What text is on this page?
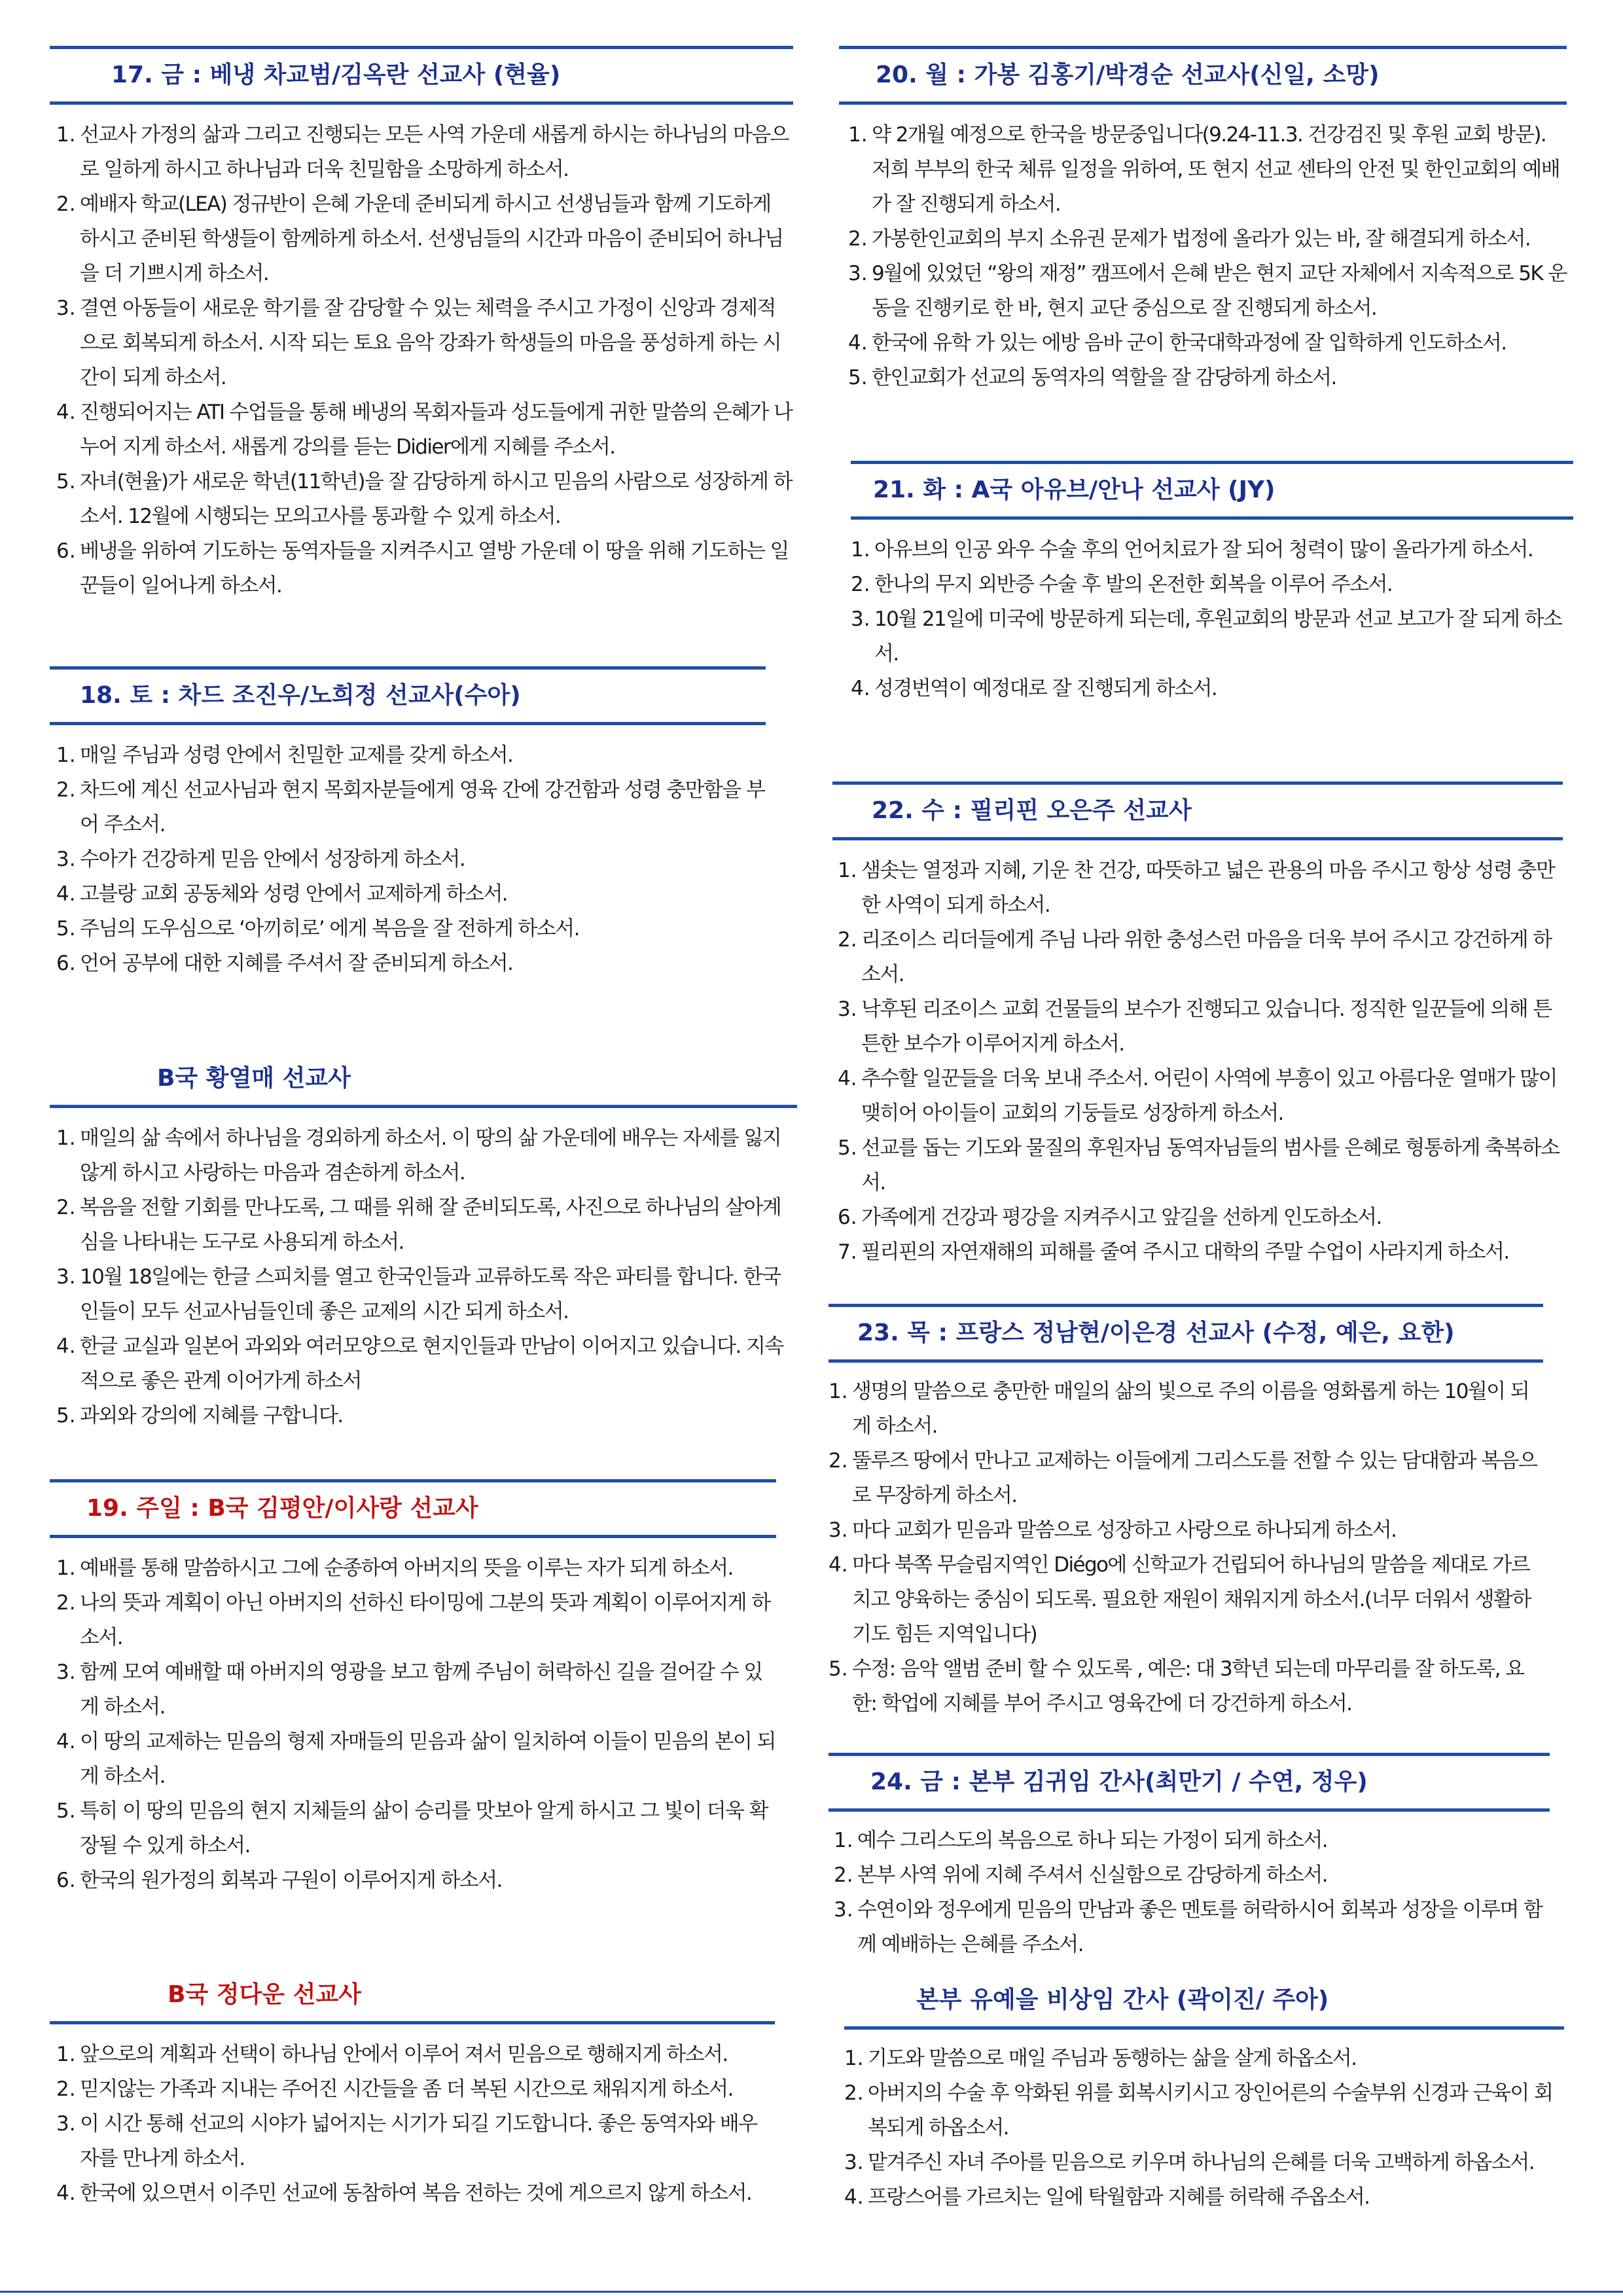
17. 금 : 베냉 차교범/김옥란 선교사 (현율)
1. 선교사 가정의 삶과 그리고 진행되는 모든 사역 가운데 새롭게 하시는 하나님의 마음으로 일하게 하시고 하나님과 더욱 친밀함을 소망하게 하소서.
2. 예배자 학교(LEA) 정규반이 은혜 가운데 준비되게 하시고 선생님들과 함께 기도하게 하시고 준비된 학생들이 함께하게 하소서. 선생님들의 시간과 마음이 준비되어 하나님을 더 기쁘시게 하소서.
3. 결연 아동들이 새로운 학기를 잘 감당할 수 있는 체력을 주시고 가정이 신앙과 경제적으로 회복되게 하소서. 시작 되는 토요 음악 강좌가 학생들의 마음을 풍성하게 하는 시간이 되게 하소서.
4. 진행되어지는 ATI 수업들을 통해 베냉의 목회자들과 성도들에게 귀한 말씀의 은혜가 나누어 지게 하소서. 새롭게 강의를 듣는 Didier에게 지혜를 주소서.
5. 자녀(현율)가 새로운 학년(11학년)을 잘 감당하게 하시고 믿음의 사람으로 성장하게 하소서. 12월에 시행되는 모의고사를 통과할 수 있게 하소서.
6. 베냉을 위하여 기도하는 동역자들을 지켜주시고 열방 가운데 이 땅을 위해 기도하는 일꾼들이 일어나게 하소서.
18. 토 : 차드 조진우/노희정 선교사(수아)
1. 매일 주님과 성령 안에서 친밀한 교제를 갖게 하소서.
2. 차드에 계신 선교사님과 현지 목회자분들에게 영육 간에 강건함과 성령 충만함을 부어 주소서.
3. 수아가 건강하게 믿음 안에서 성장하게 하소서.
4. 고블랑 교회 공동체와 성령 안에서 교제하게 하소서.
5. 주님의 도우심으로 ‘아끼히로’ 에게 복음을 잘 전하게 하소서.
6. 언어 공부에 대한 지혜를 주셔서 잘 준비되게 하소서.
B국 황열매 선교사
1. 매일의 삶 속에서 하나님을 경외하게 하소서. 이 땅의 삶 가운데에 배우는 자세를 잃지 않게 하시고 사랑하는 마음과 겸손하게 하소서.
2. 복음을 전할 기회를 만나도록, 그 때를 위해 잘 준비되도록, 사진으로 하나님의 살아계심을 나타내는 도구로 사용되게 하소서.
3. 10월 18일에는 한글 스피치를 열고 한국인들과 교류하도록 작은 파티를 합니다. 한국인들이 모두 선교사님들인데 좋은 교제의 시간 되게 하소서.
4. 한글 교실과 일본어 과외와 여러모양으로 현지인들과 만남이 이어지고 있습니다. 지속적으로 좋은 관계 이어가게 하소서
5. 과외와 강의에 지혜를 구합니다.
19. 주일 : B국 김평안/이사랑 선교사
1. 예배를 통해 말씀하시고 그에 순종하여 아버지의 뜻을 이루는 자가 되게 하소서.
2. 나의 뜻과 계획이 아닌 아버지의 선하신 타이밍에 그분의 뜻과 계획이 이루어지게 하소서.
3. 함께 모여 예배할 때 아버지의 영광을 보고 함께 주님이 허락하신 길을 걸어갈 수 있게 하소서.
4. 이 땅의 교제하는 믿음의 형제 자매들의 믿음과 삶이 일치하여 이들이 믿음의 본이 되게 하소서.
5. 특히 이 땅의 믿음의 현지 지체들의 삶이 승리를 맛보아 알게 하시고 그 빛이 더욱 확장될 수 있게 하소서.
6. 한국의 원가정의 회복과 구원이 이루어지게 하소서.
B국 정다운 선교사
1. 앞으로의 계획과 선택이 하나님 안에서 이루어 져서 믿음으로 행해지게 하소서.
2. 믿지않는 가족과 지내는 주어진 시간들을 좀 더 복된 시간으로 채워지게 하소서.
3. 이 시간 통해 선교의 시야가 넓어지는 시기가 되길 기도합니다. 좋은 동역자와 배우자를 만나게 하소서.
4. 한국에 있으면서 이주민 선교에 동참하여 복음 전하는 것에 게으르지 않게 하소서.
20. 월 : 가봉 김홍기/박경순 선교사(신일, 소망)
1. 약 2개월 예정으로 한국을 방문중입니다(9.24-11.3. 건강검진 및 후원 교회 방문). 저희 부부의 한국 체류 일정을 위하여, 또 현지 선교 센타의 안전 및 한인교회의 예배가 잘 진행되게 하소서.
2. 가봉한인교회의 부지 소유권 문제가 법정에 올라가 있는 바, 잘 해결되게 하소서.
3. 9월에 있었던 “왕의 재정” 캠프에서 은혜 받은 현지 교단 자체에서 지속적으로 5K 운동을 진행키로 한 바, 현지 교단 중심으로 잘 진행되게 하소서.
4. 한국에 유학 가 있는 에방 음바 군이 한국대학과정에 잘 입학하게 인도하소서.
5. 한인교회가 선교의 동역자의 역할을 잘 감당하게 하소서.
21. 화 : A국 아유브/안나 선교사 (JY)
1. 아유브의 인공 와우 수술 후의 언어치료가 잘 되어 청력이 많이 올라가게 하소서.
2. 한나의 무지 외반증 수술 후 발의 온전한 회복을 이루어 주소서.
3. 10월 21일에 미국에 방문하게 되는데, 후원교회의 방문과 선교 보고가 잘 되게 하소서.
4. 성경번역이 예정대로 잘 진행되게 하소서.
22. 수 : 필리핀 오은주 선교사
1. 샘솟는 열정과 지혜, 기운 찬 건강, 따뜻하고 넓은 관용의 마음 주시고 항상 성령 충만한 사역이 되게 하소서.
2. 리조이스 리더들에게 주님 나라 위한 충성스런 마음을 더욱 부어 주시고 강건하게 하소서.
3. 낙후된 리조이스 교회 건물들의 보수가 진행되고 있습니다. 정직한 일꾼들에 의해 튼튼한 보수가 이루어지게 하소서.
4. 추수할 일꾼들을 더욱 보내 주소서. 어린이 사역에 부흥이 있고 아름다운 열매가 많이 맺히어 아이들이 교회의 기둥들로 성장하게 하소서.
5. 선교를 돕는 기도와 물질의 후원자님 동역자님들의 범사를 은혜로 형통하게 축복하소서.
6. 가족에게 건강과 평강을 지켜주시고 앞길을 선하게 인도하소서.
7. 필리핀의 자연재해의 피해를 줄여 주시고 대학의 주말 수업이 사라지게 하소서.
23. 목 : 프랑스 정남현/이은경 선교사 (수정, 예은, 요한)
1. 생명의 말씀으로 충만한 매일의 삶의 빛으로 주의 이름을 영화롭게 하는 10월이 되게 하소서.
2. 뚤루즈 땅에서 만나고 교제하는 이들에게 그리스도를 전할 수 있는 담대함과 복음으로 무장하게 하소서.
3. 마다 교회가 믿음과 말씀으로 성장하고 사랑으로 하나되게 하소서.
4. 마다 북쪽 무슬림지역인 Diégo에 신학교가 건립되어 하나님의 말씀을 제대로 가르치고 양육하는 중심이 되도록. 필요한 재원이 채워지게 하소서.(너무 더워서 생활하기도 힘든 지역입니다)
5. 수정: 음악 앨범 준비 할 수 있도록 , 예은: 대 3학년 되는데 마무리를 잘 하도록, 요한: 학업에 지혜를 부어 주시고 영육간에 더 강건하게 하소서.
24. 금 : 본부 김귀임 간사(최만기 / 수연, 정우)
1. 예수 그리스도의 복음으로 하나 되는 가정이 되게 하소서.
2. 본부 사역 위에 지혜 주셔서 신실함으로 감당하게 하소서.
3. 수연이와 정우에게 믿음의 만남과 좋은 멘토를 허락하시어 회복과 성장을 이루며 함께 예배하는 은혜를 주소서.
본부 유예을 비상임 간사 (곽이진/ 주아)
1. 기도와 말씀으로 매일 주님과 동행하는 삶을 살게 하옵소서.
2. 아버지의 수술 후 악화된 위를 회복시키시고 장인어른의 수술부위 신경과 근육이 회복되게 하옵소서.
3. 맡겨주신 자녀 주아를 믿음으로 키우며 하나님의 은혜를 더욱 고백하게 하옵소서.
4. 프랑스어를 가르치는 일에 탁월함과 지혜를 허락해 주옵소서.
